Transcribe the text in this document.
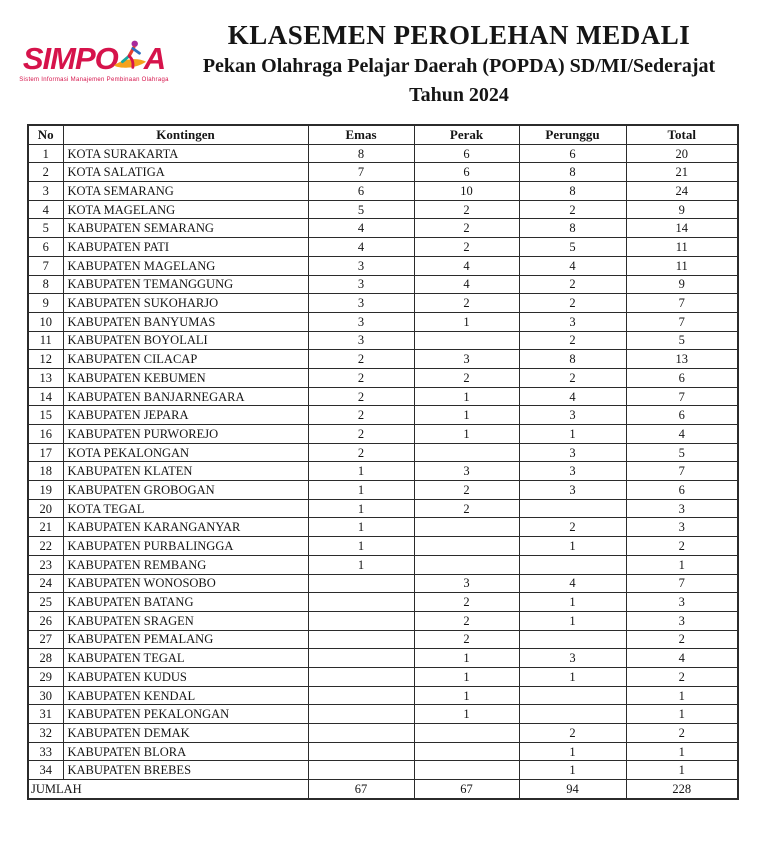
SIMPO A
Sistem Informasi Manajemen Pembinaan Olahraga
KLASEMEN PEROLEHAN MEDALI
Pekan Olahraga Pelajar Daerah (POPDA) SD/MI/Sederajat
Tahun 2024
No	Kontingen	Emas	Perak	Perunggu	Total
1	KOTA SURAKARTA	8	6	6	20
2	KOTA SALATIGA	7	6	8	21
3	KOTA SEMARANG	6	10	8	24
4	KOTA MAGELANG	5	2	2	9
5	KABUPATEN SEMARANG	4	2	8	14
6	KABUPATEN PATI	4	2	5	11
7	KABUPATEN MAGELANG	3	4	4	11
8	KABUPATEN TEMANGGUNG	3	4	2	9
9	KABUPATEN SUKOHARJO	3	2	2	7
10	KABUPATEN BANYUMAS	3	1	3	7
11	KABUPATEN BOYOLALI	3		2	5
12	KABUPATEN CILACAP	2	3	8	13
13	KABUPATEN KEBUMEN	2	2	2	6
14	KABUPATEN BANJARNEGARA	2	1	4	7
15	KABUPATEN JEPARA	2	1	3	6
16	KABUPATEN PURWOREJO	2	1	1	4
17	KOTA PEKALONGAN	2		3	5
18	KABUPATEN KLATEN	1	3	3	7
19	KABUPATEN GROBOGAN	1	2	3	6
20	KOTA TEGAL	1	2		3
21	KABUPATEN KARANGANYAR	1		2	3
22	KABUPATEN PURBALINGGA	1		1	2
23	KABUPATEN REMBANG	1			1
24	KABUPATEN WONOSOBO		3	4	7
25	KABUPATEN BATANG		2	1	3
26	KABUPATEN SRAGEN		2	1	3
27	KABUPATEN PEMALANG		2		2
28	KABUPATEN TEGAL		1	3	4
29	KABUPATEN KUDUS		1	1	2
30	KABUPATEN KENDAL		1		1
31	KABUPATEN PEKALONGAN		1		1
32	KABUPATEN DEMAK			2	2
33	KABUPATEN BLORA			1	1
34	KABUPATEN BREBES			1	1
JUMLAH		67	67	94	228
